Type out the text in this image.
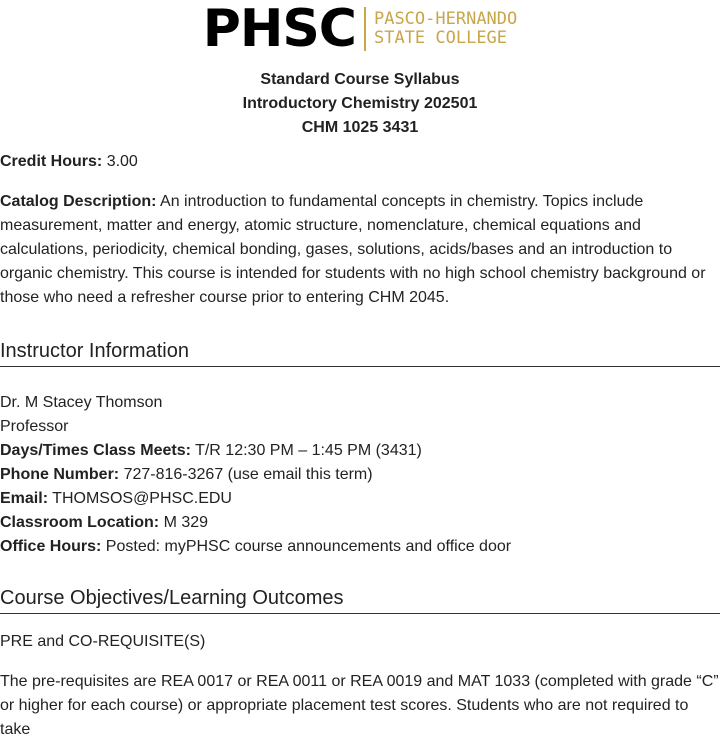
PHSC PASCO-HERNANDO
STATE COLLEGE
Standard Course Syllabus
Introductory Chemistry 202501
CHM 1025 3431

Credit Hours: 3.00

Catalog Description: An introduction to fundamental concepts in chemistry. Topics include measurement, matter and energy, atomic structure, nomenclature, chemical equations and calculations, periodicity, chemical bonding, gases, solutions, acids/bases and an introduction to organic chemistry. This course is intended for students with no high school chemistry background or those who need a refresher course prior to entering CHM 2045.

Instructor Information
Dr. M Stacey Thomson
Professor
Days/Times Class Meets: T/R 12:30 PM – 1:45 PM (3431)
Phone Number: 727-816-3267 (use email this term)
Email: THOMSOS@PHSC.EDU
Classroom Location: M 329
Office Hours: Posted: myPHSC course announcements and office door
Course Objectives/Learning Outcomes

PRE and CO-REQUISITE(S)

The pre-requisites are REA 0017 or REA 0011 or REA 0019 and MAT 1033 (completed with grade “C” or higher for each course) or appropriate placement test scores. Students who are not required to take
